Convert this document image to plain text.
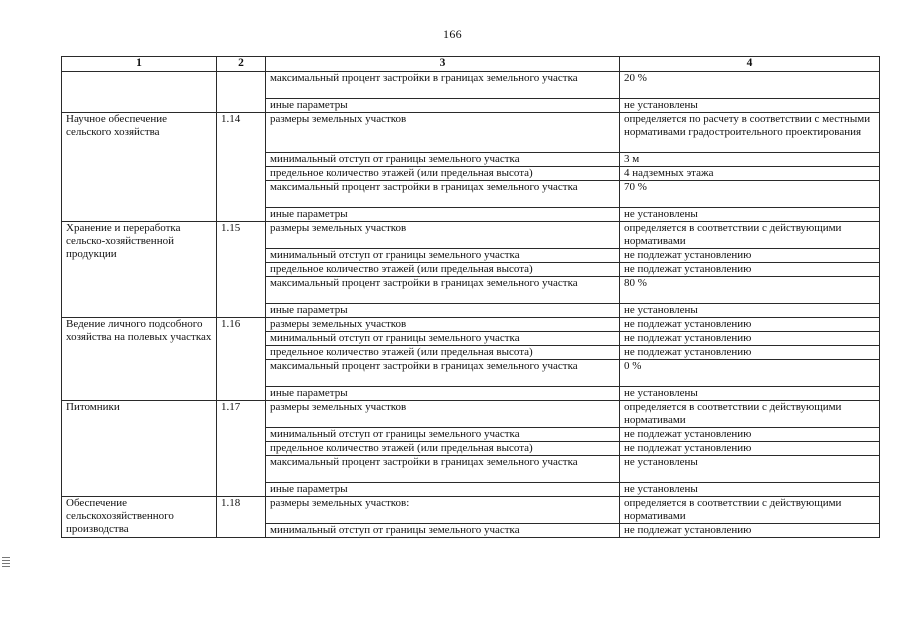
166
1	2	3	4
		максимальный процент застройки в границах земельного участка	20 %
		иные параметры	не установлены
Научное обеспечение сельского хозяйства	1.14	размеры земельных участков	определяется по расчету в соответствии с местными нормативами градостроительного проектирования
		минимальный отступ от границы земельного участка	3 м
		предельное количество этажей (или предельная высота)	4 надземных этажа
		максимальный процент застройки в границах земельного участка	70 %
		иные параметры	не установлены
Хранение и переработка сельско-хозяйственной продукции	1.15	размеры земельных участков	определяется в соответствии с действующими нормативами
		минимальный отступ от границы земельного участка	не подлежат установлению
		предельное количество этажей (или предельная высота)	не подлежат установлению
		максимальный процент застройки в границах земельного участка	80 %
		иные параметры	не установлены
Ведение личного подсобного хозяйства на полевых участках	1.16	размеры земельных участков	не подлежат установлению
		минимальный отступ от границы земельного участка	не подлежат установлению
		предельное количество этажей (или предельная высота)	не подлежат установлению
		максимальный процент застройки в границах земельного участка	0 %
		иные параметры	не установлены
Питомники	1.17	размеры земельных участков	определяется в соответствии с действующими нормативами
		минимальный отступ от границы земельного участка	не подлежат установлению
		предельное количество этажей (или предельная высота)	не подлежат установлению
		максимальный процент застройки в границах земельного участка	не установлены
		иные параметры	не установлены
Обеспечение сельскохозяйственного производства	1.18	размеры земельных участков:	определяется в соответствии с действующими нормативами
		минимальный отступ от границы земельного участка	не подлежат установлению
